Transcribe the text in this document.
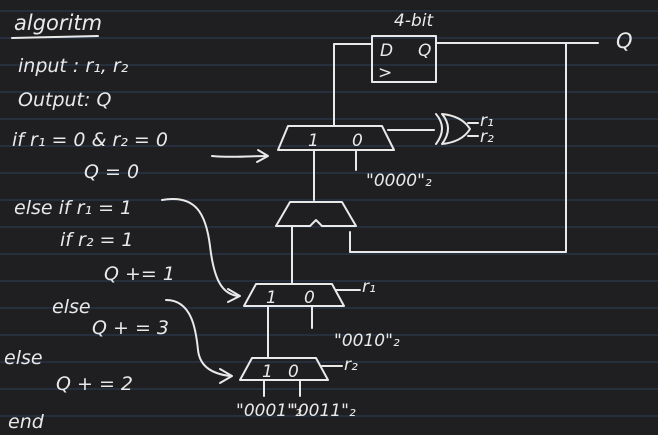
algoritm
input : r₁, r₂
Output: Q
if r₁ = 0 & r₂ = 0
Q = 0
else if r₁ = 1
if r₂ = 1
Q += 1
else
Q + = 3
else
Q + = 2
end
4-bit
D Q
>
Q
1 0
"0000"₂
r₁
r₂
1 0
r₁
"0010"₂
1 0	r₂
"0001"₂
"0011"₂
